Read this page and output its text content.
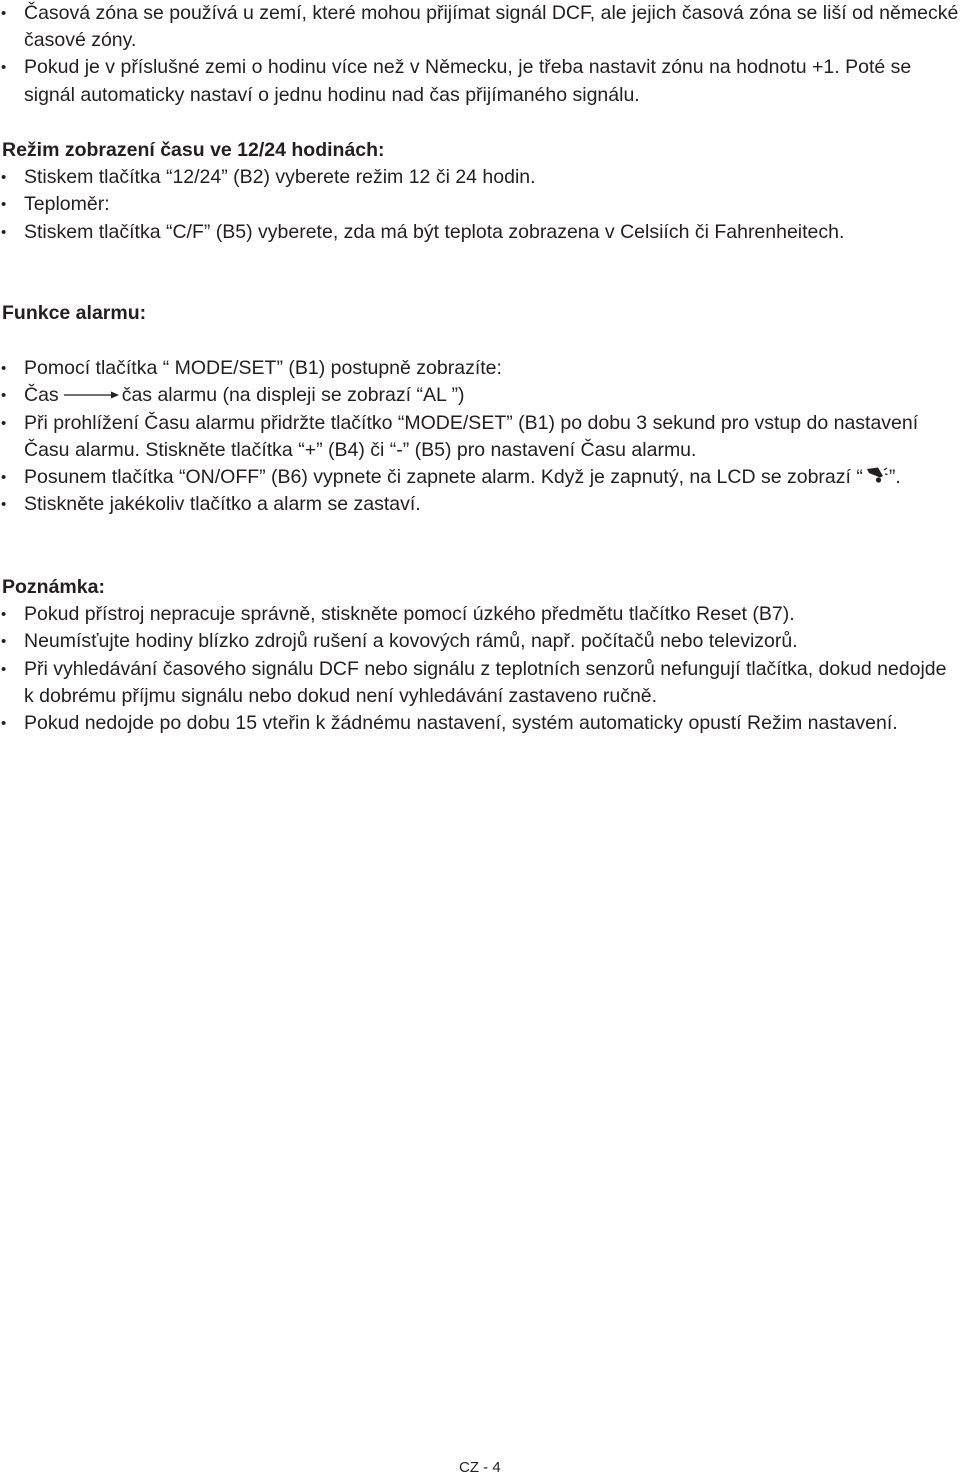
• Časová zóna se používá u zemí, které mohou přijímat signál DCF, ale jejich časová zóna se liší od německé časové zóny.
• Pokud je v příslušné zemi o hodinu více než v Německu, je třeba nastavit zónu na hodnotu +1. Poté se signál automaticky nastaví o jednu hodinu nad čas přijímaného signálu.

Režim zobrazení času ve 12/24 hodinách:

• Stiskem tlačítka “12/24” (B2) vyberete režim 12 či 24 hodin.
• Teploměr:
• Stiskem tlačítka “C/F” (B5) vyberete, zda má být teplota zobrazena v Celsiích či Fahrenheitech.

Funkce alarmu:

• Pomocí tlačítka “ MODE/SET” (B1) postupně zobrazíte:
• Čas	čas alarmu (na displeji se zobrazí “AL ”)
• Při prohlížení Času alarmu přidržte tlačítko “MODE/SET” (B1) po dobu 3 sekund pro vstup do nastavení Času alarmu. Stiskněte tlačítka “+” (B4) či “-” (B5) pro nastavení Času alarmu.
• Posunem tlačítka “ON/OFF” (B6) vypnete či zapnete alarm. Když je zapnutý, na LCD se zobrazí “ ”.
• Stiskněte jakékoliv tlačítko a alarm se zastaví.

Poznámka:

• Pokud přístroj nepracuje správně, stiskněte pomocí úzkého předmětu tlačítko Reset (B7).
• Neumísťujte hodiny blízko zdrojů rušení a kovových rámů, např. počítačů nebo televizorů.
• Při vyhledávání časového signálu DCF nebo signálu z teplotních senzorů nefungují tlačítka, dokud nedojde k dobrému příjmu signálu nebo dokud není vyhledávání zastaveno ručně.
• Pokud nedojde po dobu 15 vteřin k žádnému nastavení, systém automaticky opustí Režim nastavení.
CZ - 4
